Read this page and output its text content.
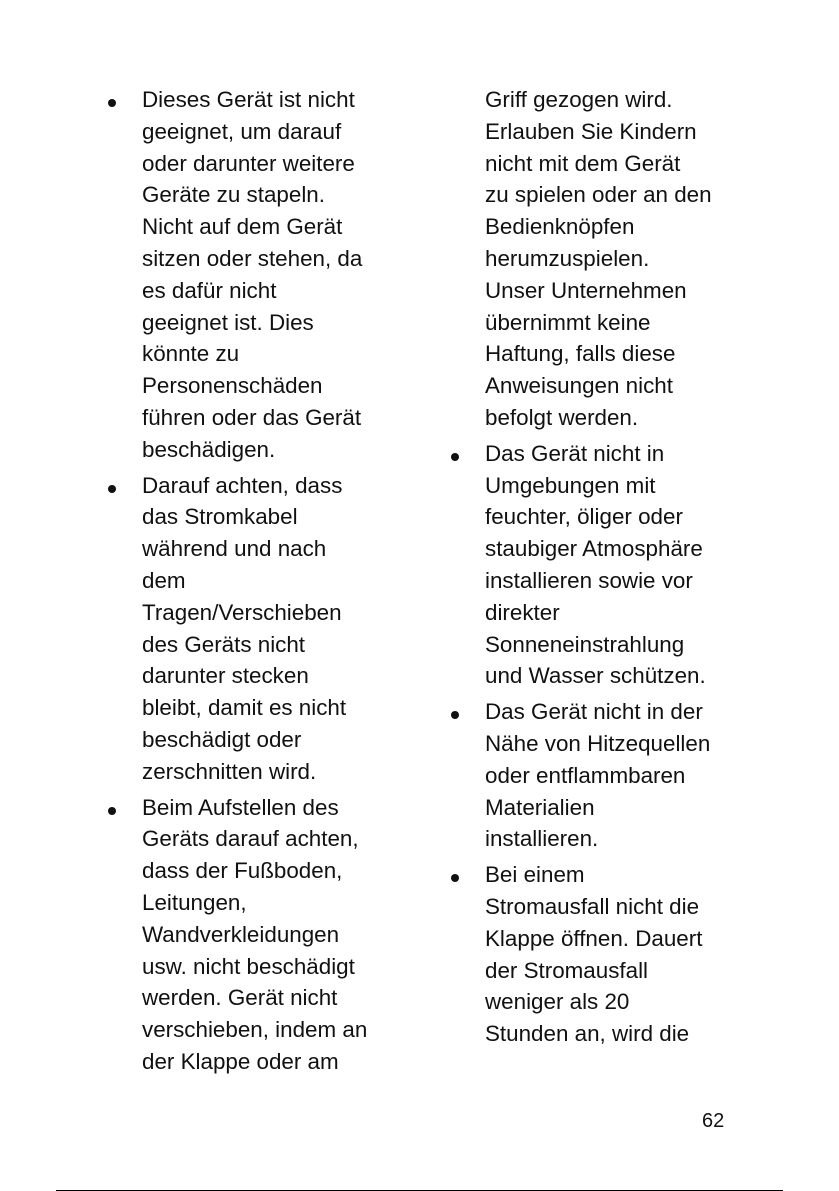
Dieses Gerät ist nicht
geeignet, um darauf
oder darunter weitere
Geräte zu stapeln.
Nicht auf dem Gerät
sitzen oder stehen, da
es dafür nicht
geeignet ist. Dies
könnte zu
Personenschäden
führen oder das Gerät
beschädigen.
Darauf achten, dass
das Stromkabel
während und nach
dem
Tragen/Verschieben
des Geräts nicht
darunter stecken
bleibt, damit es nicht
beschädigt oder
zerschnitten wird.
Beim Aufstellen des
Geräts darauf achten,
dass der Fußboden,
Leitungen,
Wandverkleidungen
usw. nicht beschädigt
werden. Gerät nicht
verschieben, indem an
der Klappe oder am
Griff gezogen wird.
Erlauben Sie Kindern
nicht mit dem Gerät
zu spielen oder an den
Bedienknöpfen
herumzuspielen.
Unser Unternehmen
übernimmt keine
Haftung, falls diese
Anweisungen nicht
befolgt werden.
Das Gerät nicht in
Umgebungen mit
feuchter, öliger oder
staubiger Atmosphäre
installieren sowie vor
direkter
Sonneneinstrahlung
und Wasser schützen.
Das Gerät nicht in der
Nähe von Hitzequellen
oder entflammbaren
Materialien
installieren.
Bei einem
Stromausfall nicht die
Klappe öffnen. Dauert
der Stromausfall
weniger als 20
Stunden an, wird die
62
